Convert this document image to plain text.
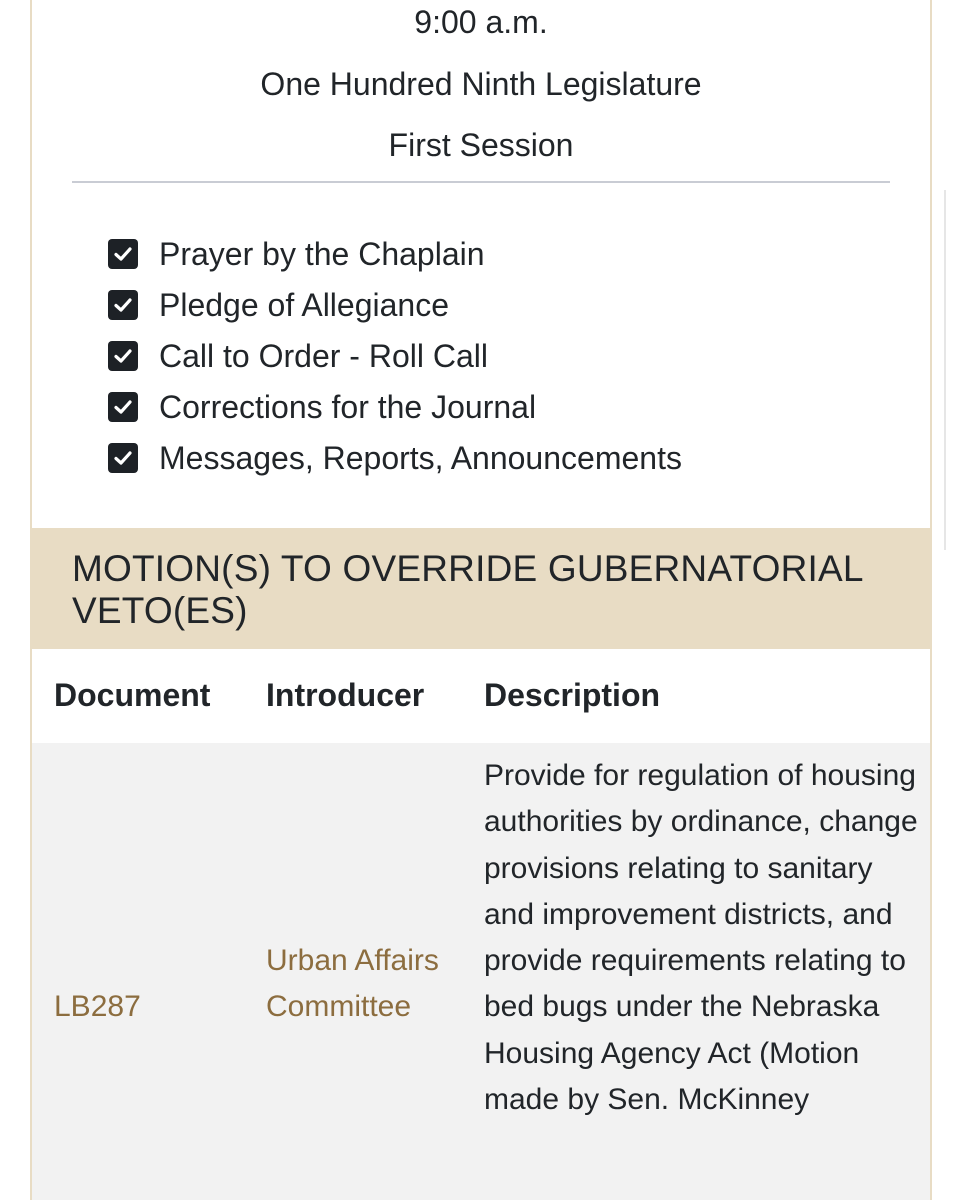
9:00 a.m.
One Hundred Ninth Legislature
First Session
Prayer by the Chaplain
Pledge of Allegiance
Call to Order - Roll Call
Corrections for the Journal
Messages, Reports, Announcements
MOTION(S) TO OVERRIDE GUBERNATORIAL VETO(ES)
Document Introducer Description
LB287
Urban Affairs Committee
Provide for regulation of housing authorities by ordinance, change provisions relating to sanitary and improvement districts, and provide requirements relating to bed bugs under the Nebraska Housing Agency Act (Motion made by Sen. McKinney
